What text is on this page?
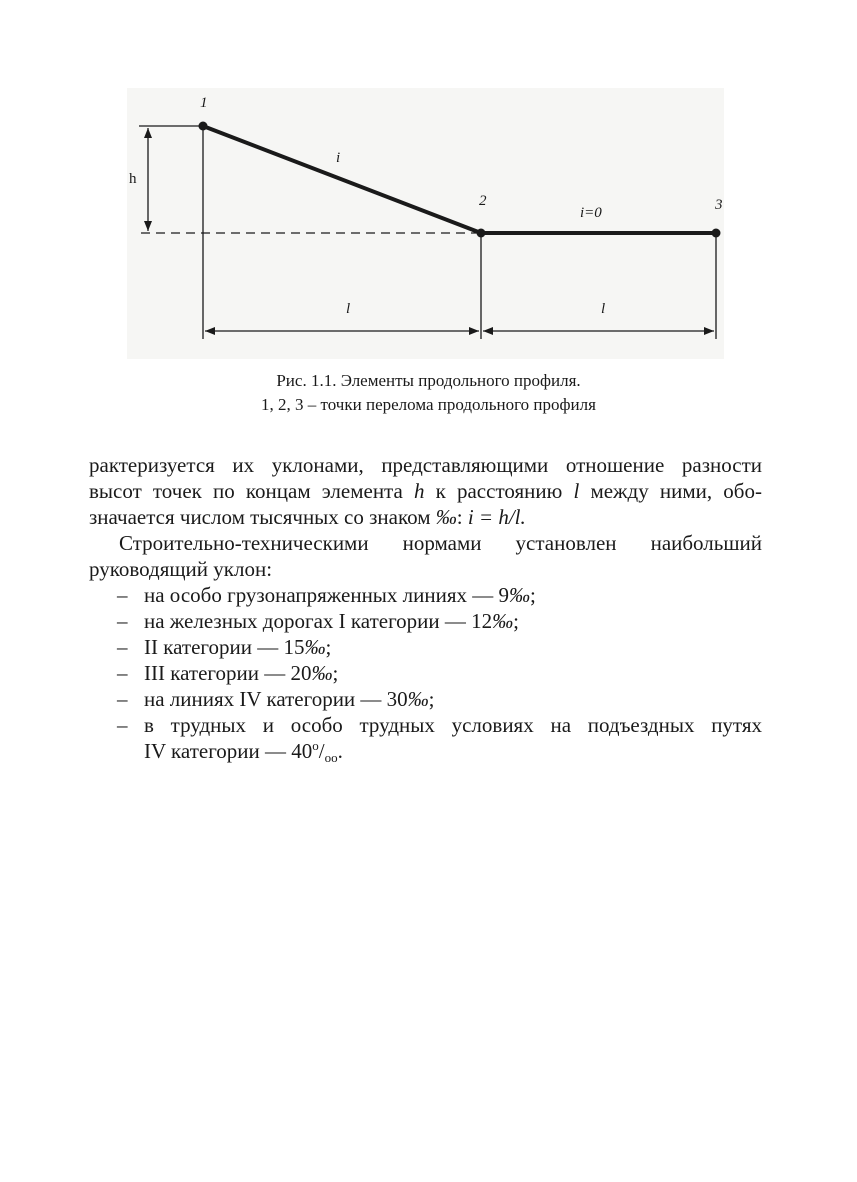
1
2	3
h
i
i=0
l	l
Рис. 1.1. Элементы продольного профиля.
1, 2, 3 – точки перелома продольного профиля

рактеризуется их уклонами, представляющими отношение разности
высот точек по концам элемента h к расстоянию l между ними, обо-

значается числом тысячных со знаком ‰: i = h/l.

Строительно-техническими нормами установлен наибольший

руководящий уклон:

– на особо грузонапряженных линиях — 9‰;
– на железных дорогах I категории — 12‰;
– II категории — 15‰;
– III категории — 20‰;
– на линиях IV категории — 30‰;
– в трудных и особо трудных условиях на подъездных путях
IV категории — 40$^o$/oo.
